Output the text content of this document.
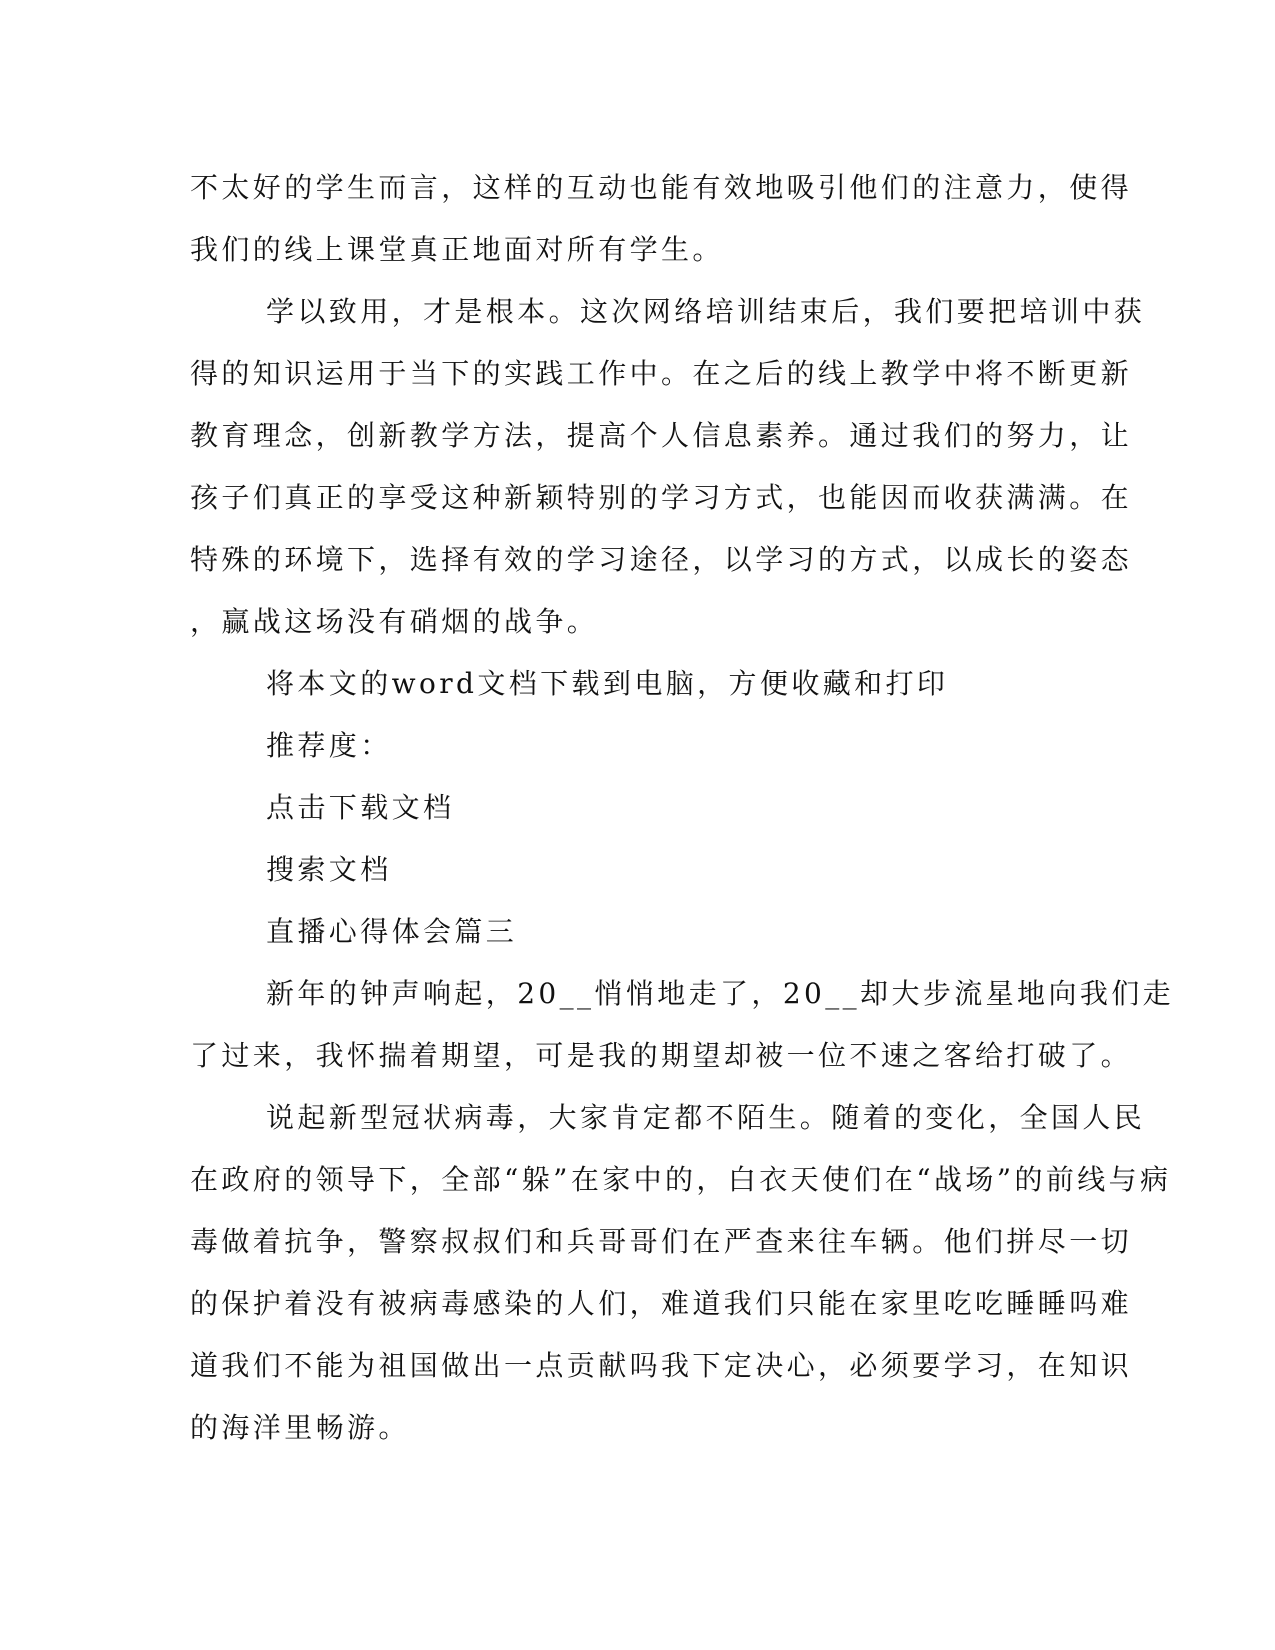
不太好的学生而言，这样的互动也能有效地吸引他们的注意力，使得
我们的线上课堂真正地面对所有学生。
学以致用，才是根本。这次网络培训结束后，我们要把培训中获
得的知识运用于当下的实践工作中。在之后的线上教学中将不断更新
教育理念，创新教学方法，提高个人信息素养。通过我们的努力，让
孩子们真正的享受这种新颖特别的学习方式，也能因而收获满满。在
特殊的环境下，选择有效的学习途径，以学习的方式，以成长的姿态
，赢战这场没有硝烟的战争。
将本文的word文档下载到电脑，方便收藏和打印
推荐度：
点击下载文档
搜索文档
直播心得体会篇三
新年的钟声响起，20__悄悄地走了，20__却大步流星地向我们走
了过来，我怀揣着期望，可是我的期望却被一位不速之客给打破了。
说起新型冠状病毒，大家肯定都不陌生。随着的变化，全国人民
在政府的领导下，全部“躲”在家中的，白衣天使们在“战场”的前线与病
毒做着抗争，警察叔叔们和兵哥哥们在严查来往车辆。他们拼尽一切
的保护着没有被病毒感染的人们，难道我们只能在家里吃吃睡睡吗难
道我们不能为祖国做出一点贡献吗我下定决心，必须要学习，在知识
的海洋里畅游。
